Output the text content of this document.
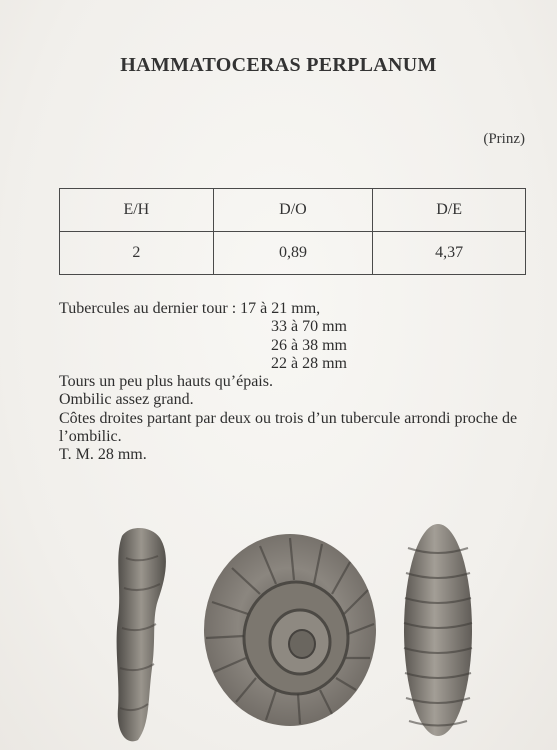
HAMMATOCERAS PERPLANUM
(Prinz)
E/H	D/O	D/E
2	0,89	4,37
Tubercules au dernier tour : 17 à 21 mm,
33 à 70 mm
26 à 38 mm
22 à 28 mm
Tours un peu plus hauts qu’épais.
Ombilic assez grand.
Côtes droites partant par deux ou trois d’un tubercule arrondi proche de l’ombilic.
T. M. 28 mm.
